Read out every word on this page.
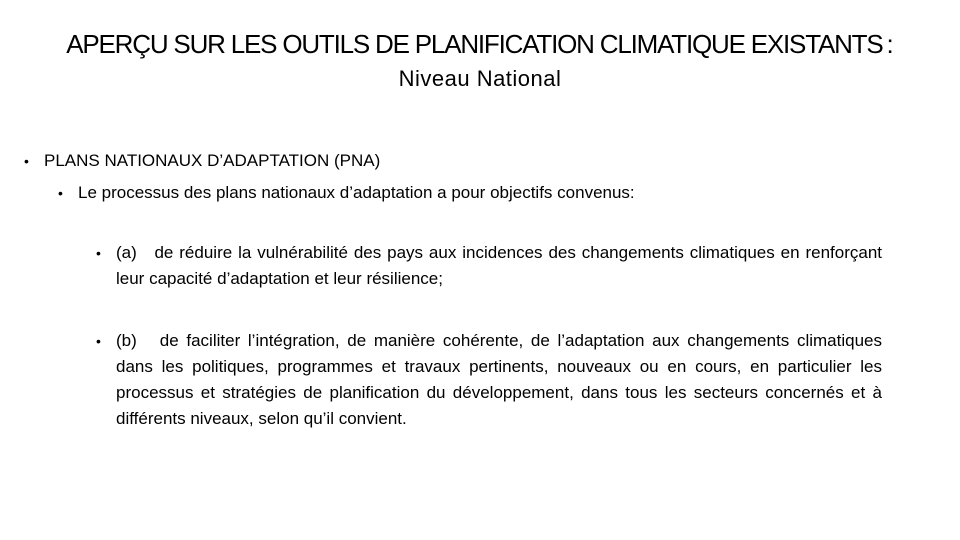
APERÇU SUR LES OUTILS DE PLANIFICATION CLIMATIQUE EXISTANTS :
Niveau National
• PLANS NATIONAUX D’ADAPTATION (PNA)
• Le processus des plans nationaux d’adaptation a pour objectifs convenus:
• (a)   de réduire la vulnérabilité des pays aux incidences des changements climatiques en renforçant leur capacité d’adaptation et leur résilience;
• (b)   de faciliter l’intégration, de manière cohérente, de l’adaptation aux changements climatiques dans les politiques, programmes et travaux pertinents, nouveaux ou en cours, en particulier les processus et stratégies de planification du développement, dans tous les secteurs concernés et à différents niveaux, selon qu’il convient.
